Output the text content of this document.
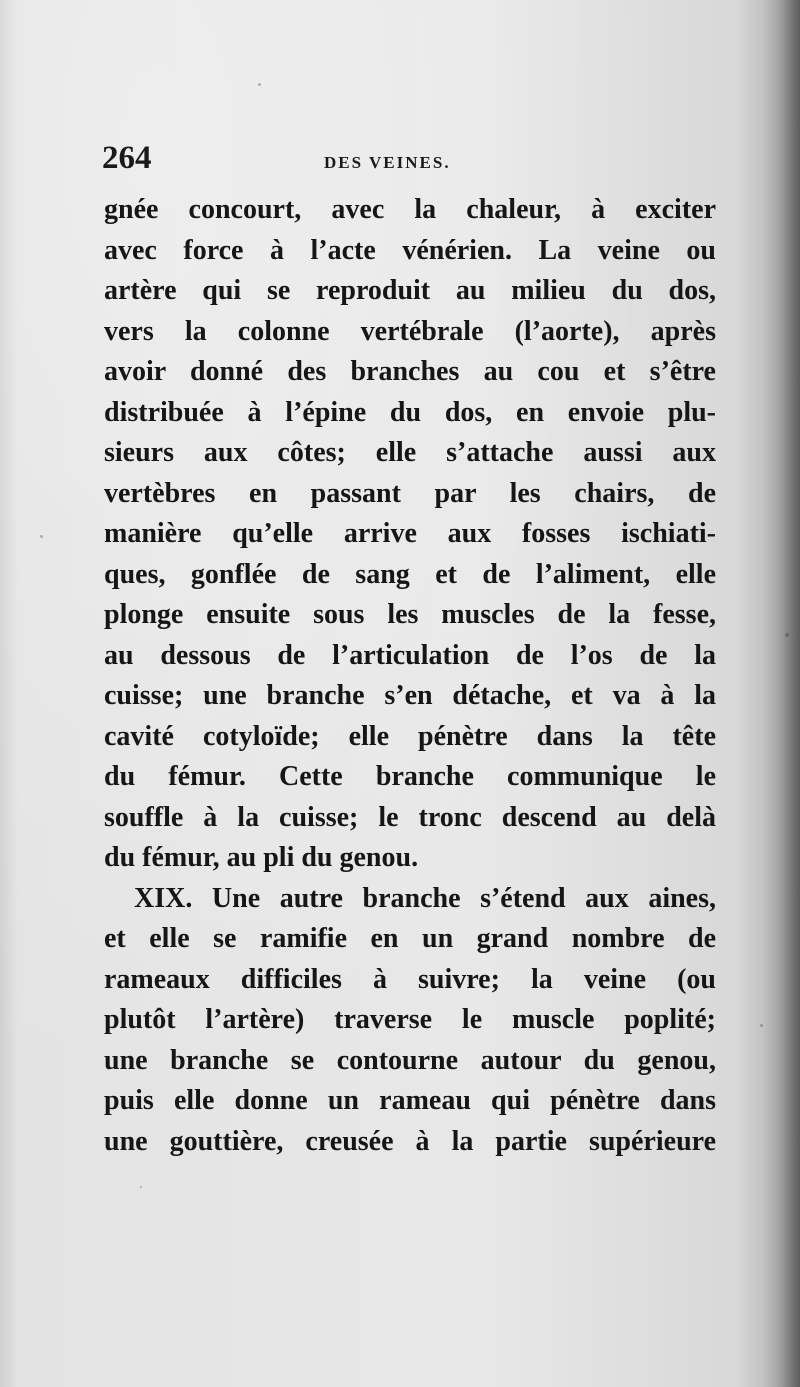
264	DES VEINES.
gnée concourt, avec la chaleur, à exciter
avec force à l’acte vénérien. La veine ou
artère qui se reproduit au milieu du dos,
vers la colonne vertébrale (l’aorte), après
avoir donné des branches au cou et s’être
distribuée à l’épine du dos, en envoie plu-
sieurs aux côtes; elle s’attache aussi aux
vertèbres en passant par les chairs, de
manière qu’elle arrive aux fosses ischiati-
ques, gonflée de sang et de l’aliment, elle
plonge ensuite sous les muscles de la fesse,
au dessous de l’articulation de l’os de la
cuisse; une branche s’en détache, et va à la
cavité cotyloïde; elle pénètre dans la tête
du fémur. Cette branche communique le
souffle à la cuisse; le tronc descend au delà
du fémur, au pli du genou.
XIX. Une autre branche s’étend aux aines,
et elle se ramifie en un grand nombre de
rameaux difficiles à suivre; la veine (ou
plutôt l’artère) traverse le muscle poplité;
une branche se contourne autour du genou,
puis elle donne un rameau qui pénètre dans
une gouttière, creusée à la partie supérieure
